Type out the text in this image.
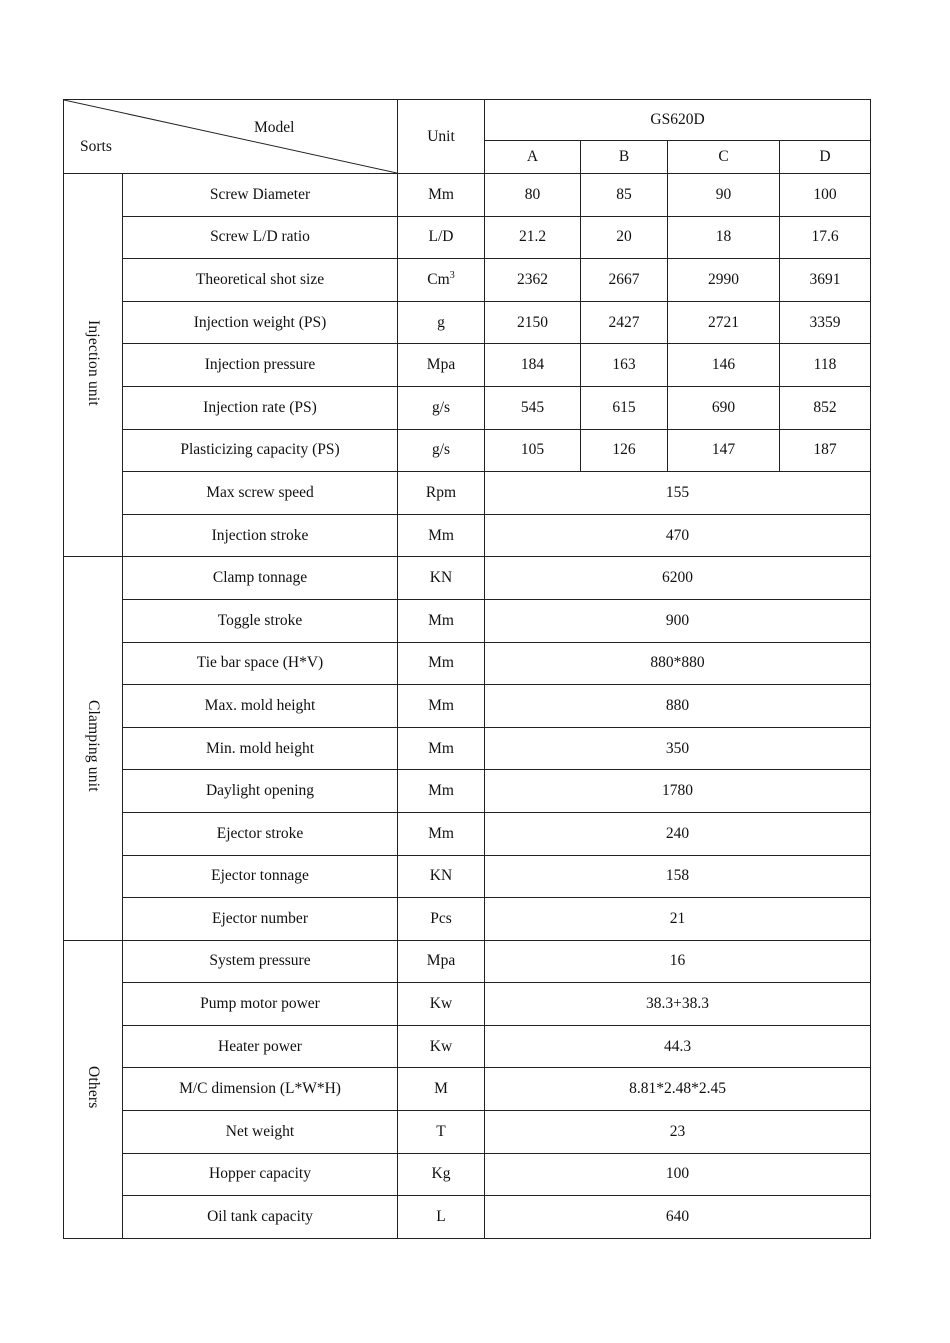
Model
Sorts		Unit	GS620D			
			A	B	C	D
Injection unit	Screw Diameter	Mm	80	85	90	100
	Screw L/D ratio	L/D	21.2	20	18	17.6
	Theoretical shot size	Cm$^3$	2362	2667	2990	3691
	Injection weight (PS)	g	2150	2427	2721	3359
	Injection pressure	Mpa	184	163	146	118
	Injection rate (PS)	g/s	545	615	690	852
	Plasticizing capacity (PS)	g/s	105	126	147	187
	Max screw speed	Rpm	155			
	Injection stroke	Mm	470			
Clamping unit	Clamp tonnage	KN	6200			
	Toggle stroke	Mm	900			
	Tie bar space (H*V)	Mm	880*880			
	Max. mold height	Mm	880			
	Min. mold height	Mm	350			
	Daylight opening	Mm	1780			
	Ejector stroke	Mm	240			
	Ejector tonnage	KN	158			
	Ejector number	Pcs	21			
Others	System pressure	Mpa	16			
	Pump motor power	Kw	38.3+38.3			
	Heater power	Kw	44.3			
	M/C dimension (L*W*H)	M	8.81*2.48*2.45			
	Net weight	T	23			
	Hopper capacity	Kg	100			
	Oil tank capacity	L	640			
